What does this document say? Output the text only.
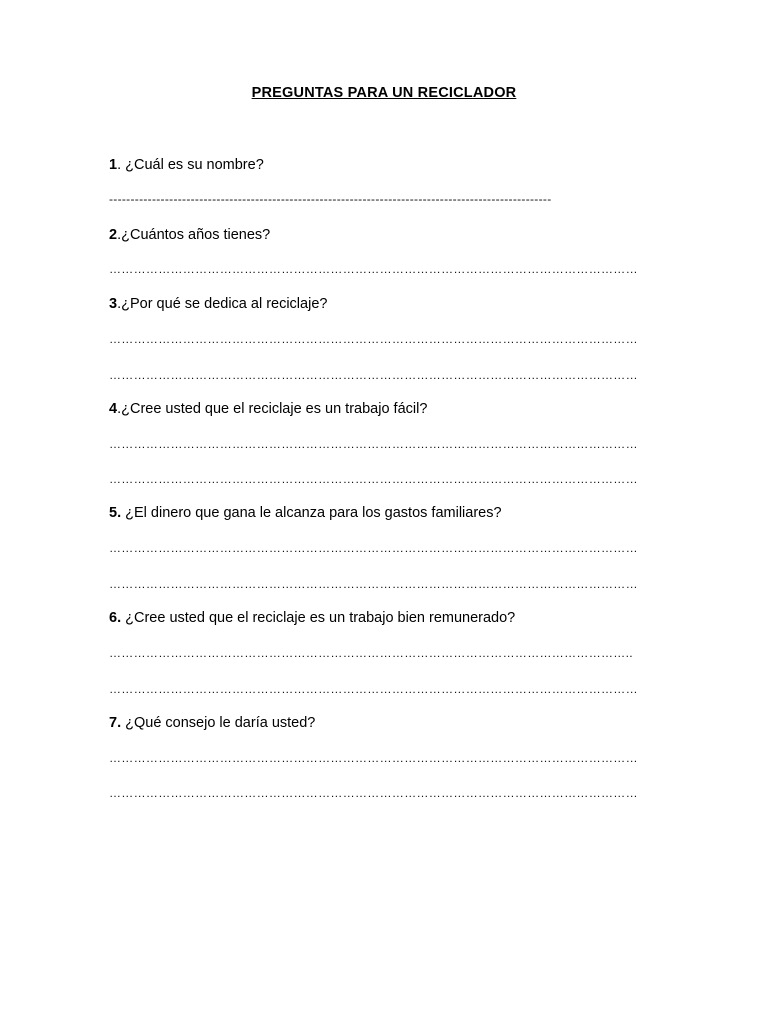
PREGUNTAS PARA UN RECICLADOR
1. ¿Cuál es su nombre?
-------------------------------------------------------------------------------------------------------
2.¿Cuántos años tienes?
…………………………………………………………………………………………………………………
3.¿Por qué se dedica al reciclaje?
…………………………………………………………………………………………………………………
…………………………………………………………………………………………………………………
4.¿Cree usted que el reciclaje es un trabajo fácil?
…………………………………………………………………………………………………………………
…………………………………………………………………………………………………………………
5. ¿El dinero que gana le alcanza para los gastos familiares?
…………………………………………………………………………………………………………………
…………………………………………………………………………………………………………………
6. ¿Cree usted que el reciclaje es un trabajo bien remunerado?
………………………………………………………………………………………………………………..
…………………………………………………………………………………………………………………
7. ¿Qué consejo le daría usted?
…………………………………………………………………………………………………………………
…………………………………………………………………………………………………………………
